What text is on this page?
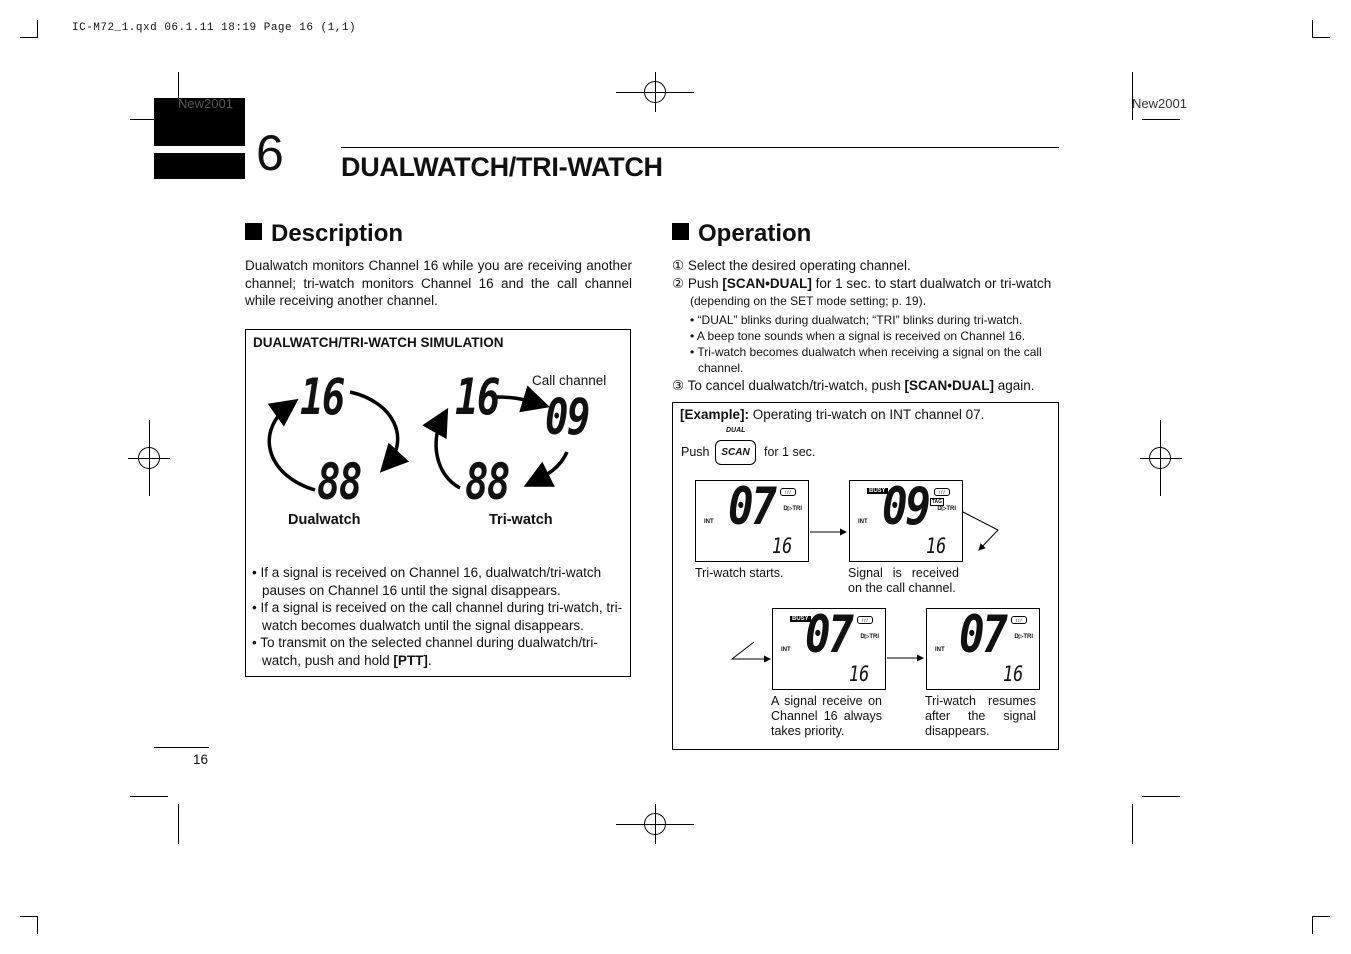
IC-M72_1.qxd 06.1.11 18:19 Page 16 (1,1)
New2001	New2001
6 DUALWATCH/TRI-WATCH
Description
Dualwatch monitors Channel 16 while you are receiving another channel; tri-watch monitors Channel 16 and the call channel while receiving another channel.
DUALWATCH/TRI-WATCH SIMULATION
16
88
16 09
88
Call channel
Dualwatch	Tri-watch
• If a signal is received on Channel 16, dualwatch/tri-watch pauses on Channel 16 until the signal disappears.
• If a signal is received on the call channel during tri-watch, tri-watch becomes dualwatch until the signal disappears.
• To transmit on the selected channel during dualwatch/tri-watch, push and hold [PTT].
Operation
① Select the desired operating channel.
② Push [SCAN•DUAL] for 1 sec. to start dualwatch or tri-watch (depending on the SET mode setting; p. 19).
• “DUAL” blinks during dualwatch; “TRI” blinks during tri-watch.
• A beep tone sounds when a signal is received on Channel 16.
• Tri-watch becomes dualwatch when receiving a signal on the call channel.
③ To cancel dualwatch/tri-watch, push [SCAN•DUAL] again.
[Example]: Operating tri-watch on INT channel 07.
Push
DUAL
SCAN	for 1 sec.
INT
ƒƒƒ
07 D▷TRI
16
Tri-watch starts.
BUSY
INT
ƒƒƒ
TAG
09 D▷TRI
16
Signal is received on the call channel.
BUSY
INT
ƒƒƒ
07 D▷TRI
16
A signal receive on Channel 16 always takes priority.
INT
ƒƒƒ
07 D▷TRI
16
Tri-watch resumes after the signal disappears.
16
